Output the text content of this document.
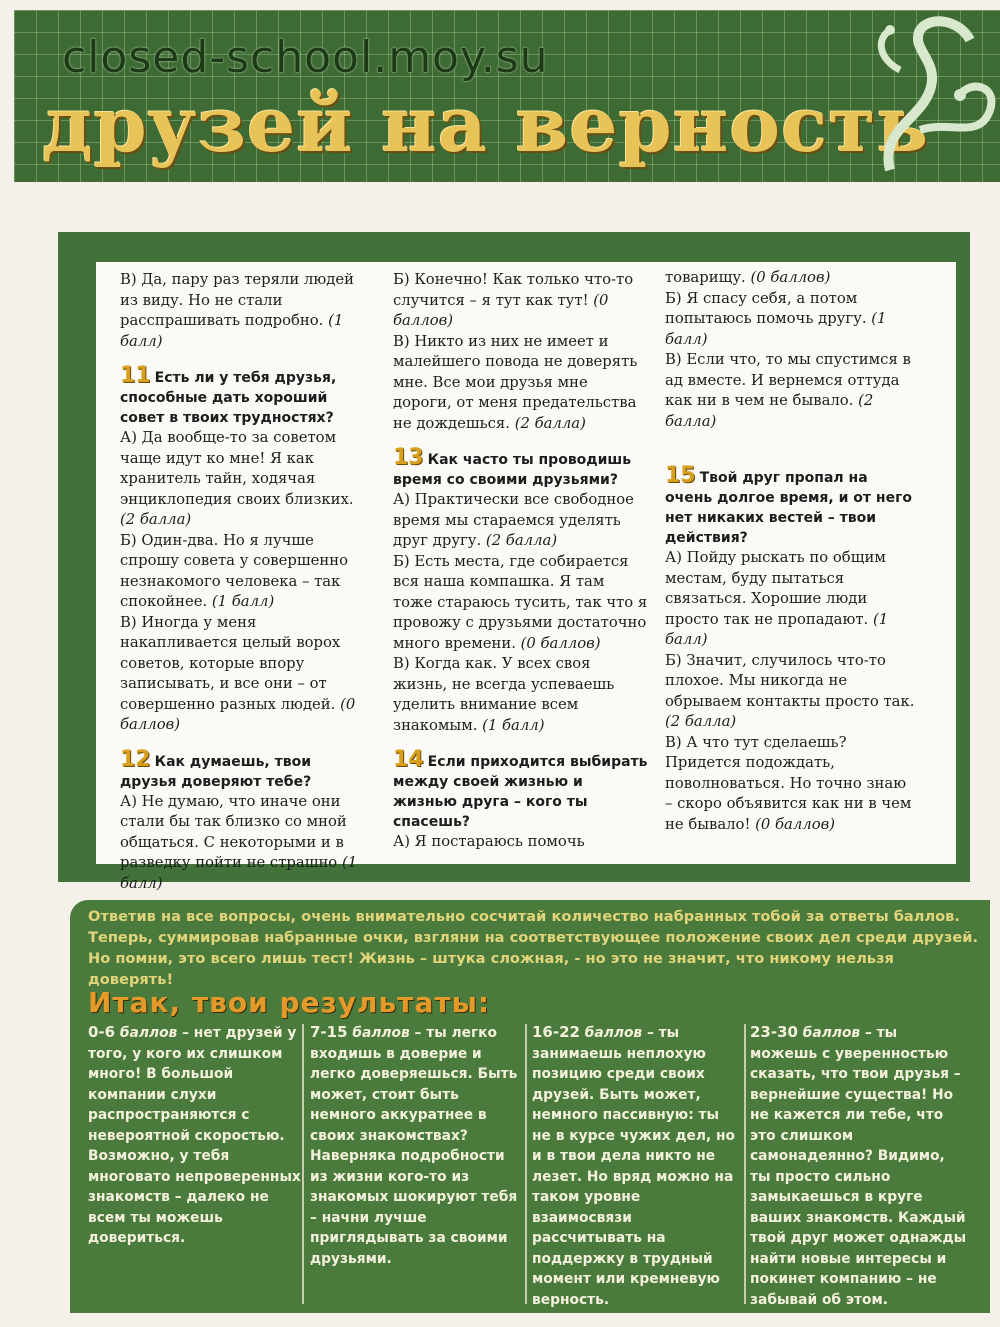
closed-school.moy.su
друзей на верность

В) Да, пару раз теряли людей из виду. Но не стали расспрашивать подробно. (1 балл)

11 Есть ли у тебя друзья, способные дать хороший совет в твоих трудностях?

А) Да вообще-то за советом чаще идут ко мне! Я как хранитель тайн, ходячая энциклопедия своих близких. (2 балла)

Б) Один-два. Но я лучше спрошу совета у совершенно незнакомого человека – так спокойнее. (1 балл)

В) Иногда у меня накапливается целый ворох советов, которые впору записывать, и все они – от совершенно разных людей. (0 баллов)

12 Как думаешь, твои друзья доверяют тебе?

А) Не думаю, что иначе они стали бы так близко со мной общаться. С некоторыми и в разведку пойти не страшно (1 балл)

Б) Конечно! Как только что-то случится – я тут как тут! (0 баллов)

В) Никто из них не имеет и малейшего повода не доверять мне. Все мои друзья мне дороги, от меня предательства не дождешься. (2 балла)

13 Как часто ты проводишь время со своими друзьями?

А) Практически все свободное время мы стараемся уделять друг другу. (2 балла)

Б) Есть места, где собирается вся наша компашка. Я там тоже стараюсь тусить, так что я провожу с друзьями достаточно много времени. (0 баллов)

В) Когда как. У всех своя жизнь, не всегда успеваешь уделить внимание всем знакомым. (1 балл)

14 Если приходится выбирать между своей жизнью и жизнью друга – кого ты спасешь?

А) Я постараюсь помочь

товарищу. (0 баллов)

Б) Я спасу себя, а потом попытаюсь помочь другу. (1 балл)

В) Если что, то мы спустимся в ад вместе. И вернемся оттуда как ни в чем не бывало. (2 балла)

15 Твой друг пропал на очень долгое время, и от него нет никаких вестей – твои действия?

А) Пойду рыскать по общим местам, буду пытаться связаться. Хорошие люди просто так не пропадают. (1 балл)

Б) Значит, случилось что-то плохое. Мы никогда не обрываем контакты просто так. (2 балла)

В) А что тут сделаешь? Придется подождать, поволноваться. Но точно знаю – скоро объявится как ни в чем не бывало! (0 баллов)

Ответив на все вопросы, очень внимательно сосчитай количество набранных тобой за ответы баллов.

Теперь, суммировав набранные очки, взгляни на соответствующее положение своих дел среди друзей.

Но помни, это всего лишь тест! Жизнь – штука сложная, - но это не значит, что никому нельзя доверять!

Итак, твои результаты:
0-6 баллов – нет друзей у того, у кого их слишком много! В большой компании слухи распространяются с невероятной скоростью. Возможно, у тебя многовато непроверенных знакомств – далеко не всем ты можешь довериться.
7-15 баллов – ты легко входишь в доверие и легко доверяешься. Быть может, стоит быть немного аккуратнее в своих знакомствах? Наверняка подробности из жизни кого-то из знакомых шокируют тебя – начни лучше приглядывать за своими друзьями.
16-22 баллов – ты занимаешь неплохую позицию среди своих друзей. Быть может, немного пассивную: ты не в курсе чужих дел, но и в твои дела никто не лезет. Но вряд можно на таком уровне взаимосвязи рассчитывать на поддержку в трудный момент или кремневую верность.
23-30 баллов – ты можешь с уверенностью сказать, что твои друзья – вернейшие существа! Но не кажется ли тебе, что это слишком самонадеянно? Видимо, ты просто сильно замыкаешься в круге ваших знакомств. Каждый твой друг может однажды найти новые интересы и покинет компанию – не забывай об этом.
